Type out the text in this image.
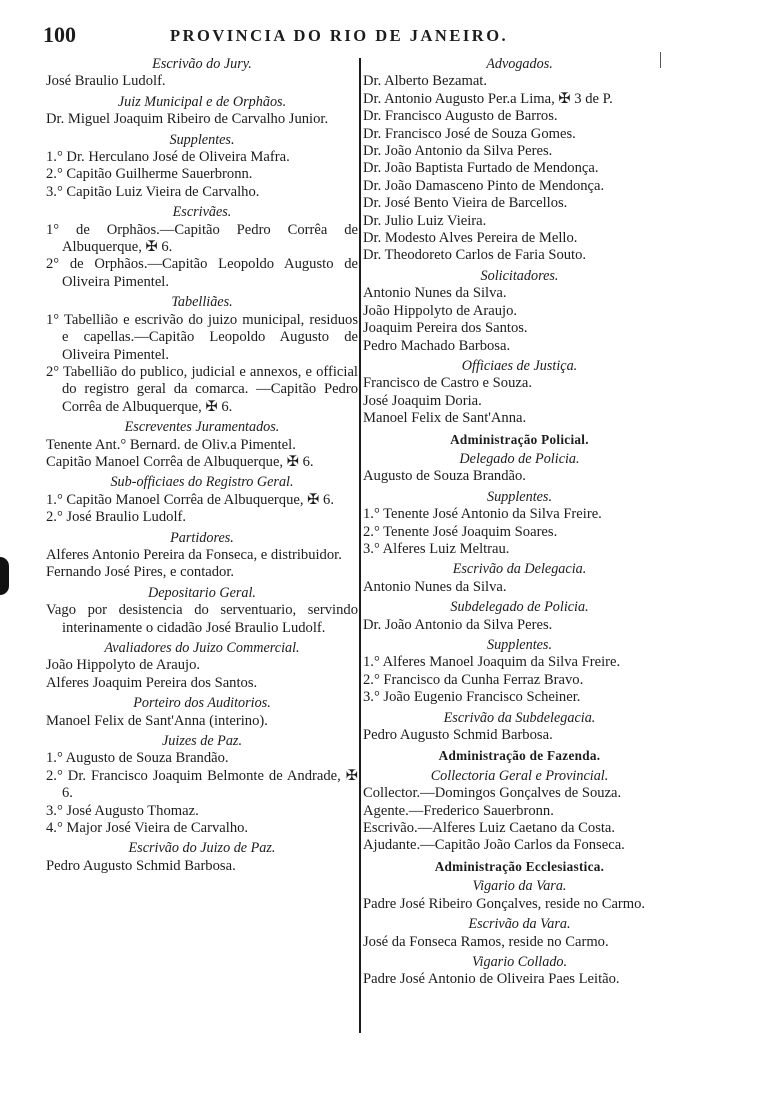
100	PROVINCIA DO RIO DE JANEIRO.
Escrivão do Jury.
José Braulio Ludolf.
Juiz Municipal e de Orphãos.
Dr. Miguel Joaquim Ribeiro de Carvalho Junior.
Supplentes.
1.° Dr. Herculano José de Oliveira Mafra.
2.° Capitão Guilherme Sauerbronn.
3.° Capitão Luiz Vieira de Carvalho.
Escrivães.
1° de Orphãos.—Capitão Pedro Corrêa de Albuquerque, ✠ 6.
2° de Orphãos.—Capitão Leopoldo Augusto de Oliveira Pimentel.
Tabelliães.
1° Tabellião e escrivão do juizo municipal, residuos e capellas.—Capitão Leopoldo Augusto de Oliveira Pimentel.
2° Tabellião do publico, judicial e annexos, e official do registro geral da comarca. —Capitão Pedro Corrêa de Albuquerque, ✠ 6.
Escreventes Juramentados.
Tenente Ant.° Bernard. de Oliv.a Pimentel.
Capitão Manoel Corrêa de Albuquerque, ✠ 6.
Sub-officiaes do Registro Geral.
1.° Capitão Manoel Corrêa de Albuquerque, ✠ 6.
2.° José Braulio Ludolf.
Partidores.
Alferes Antonio Pereira da Fonseca, e distribuidor.
Fernando José Pires, e contador.
Depositario Geral.
Vago por desistencia do serventuario, servindo interinamente o cidadão José Braulio Ludolf.
Avaliadores do Juizo Commercial.
João Hippolyto de Araujo.
Alferes Joaquim Pereira dos Santos.
Porteiro dos Auditorios.
Manoel Felix de Sant'Anna (interino).
Juizes de Paz.
1.° Augusto de Souza Brandão.
2.° Dr. Francisco Joaquim Belmonte de Andrade, ✠ 6.
3.° José Augusto Thomaz.
4.° Major José Vieira de Carvalho.
Escrivão do Juizo de Paz.
Pedro Augusto Schmid Barbosa.
Advogados.
Dr. Alberto Bezamat.
Dr. Antonio Augusto Per.a Lima, ✠ 3 de P.
Dr. Francisco Augusto de Barros.
Dr. Francisco José de Souza Gomes.
Dr. João Antonio da Silva Peres.
Dr. João Baptista Furtado de Mendonça.
Dr. João Damasceno Pinto de Mendonça.
Dr. José Bento Vieira de Barcellos.
Dr. Julio Luiz Vieira.
Dr. Modesto Alves Pereira de Mello.
Dr. Theodoreto Carlos de Faria Souto.
Solicitadores.
Antonio Nunes da Silva.
João Hippolyto de Araujo.
Joaquim Pereira dos Santos.
Pedro Machado Barbosa.
Officiaes de Justiça.
Francisco de Castro e Souza.
José Joaquim Doria.
Manoel Felix de Sant'Anna.
Administração Policial.
Delegado de Policia.
Augusto de Souza Brandão.
Supplentes.
1.° Tenente José Antonio da Silva Freire.
2.° Tenente José Joaquim Soares.
3.° Alferes Luiz Meltrau.
Escrivão da Delegacia.
Antonio Nunes da Silva.
Subdelegado de Policia.
Dr. João Antonio da Silva Peres.
Supplentes.
1.° Alferes Manoel Joaquim da Silva Freire.
2.° Francisco da Cunha Ferraz Bravo.
3.° João Eugenio Francisco Scheiner.
Escrivão da Subdelegacia.
Pedro Augusto Schmid Barbosa.
Administração de Fazenda.
Collectoria Geral e Provincial.
Collector.—Domingos Gonçalves de Souza.
Agente.—Frederico Sauerbronn.
Escrivão.—Alferes Luiz Caetano da Costa.
Ajudante.—Capitão João Carlos da Fonseca.
Administração Ecclesiastica.
Vigario da Vara.
Padre José Ribeiro Gonçalves, reside no Carmo.
Escrivão da Vara.
José da Fonseca Ramos, reside no Carmo.
Vigario Collado.
Padre José Antonio de Oliveira Paes Leitão.
